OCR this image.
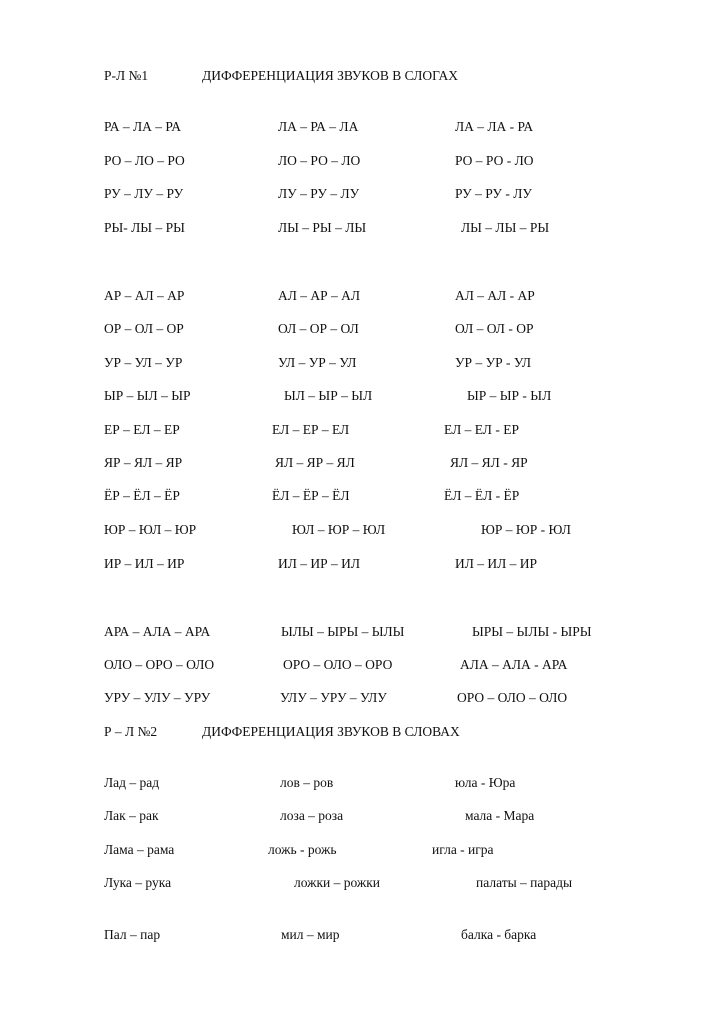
Р-Л №1	ДИФФЕРЕНЦИАЦИЯ ЗВУКОВ В СЛОГАХ
РА – ЛА – РА	ЛА – РА – ЛА	ЛА – ЛА - РА
РО – ЛО – РО	ЛО – РО – ЛО	РО – РО - ЛО
РУ – ЛУ – РУ	ЛУ – РУ – ЛУ	РУ – РУ - ЛУ
РЫ- ЛЫ – РЫ	ЛЫ – РЫ – ЛЫ	ЛЫ – ЛЫ – РЫ
АР – АЛ – АР	АЛ – АР – АЛ	АЛ – АЛ - АР
ОР – ОЛ – ОР	ОЛ – ОР – ОЛ	ОЛ – ОЛ - ОР
УР – УЛ – УР	УЛ – УР – УЛ	УР – УР - УЛ
ЫР – ЫЛ – ЫР	ЫЛ – ЫР – ЫЛ	ЫР – ЫР - ЫЛ
ЕР – ЕЛ – ЕР	ЕЛ – ЕР – ЕЛ	ЕЛ – ЕЛ - ЕР
ЯР – ЯЛ – ЯР	ЯЛ – ЯР – ЯЛ	ЯЛ – ЯЛ - ЯР
ЁР – ЁЛ – ЁР	ЁЛ – ЁР – ЁЛ	ЁЛ – ЁЛ - ЁР
ЮР – ЮЛ – ЮР	ЮЛ – ЮР – ЮЛ	ЮР – ЮР - ЮЛ
ИР – ИЛ – ИР	ИЛ – ИР – ИЛ	ИЛ – ИЛ – ИР
АРА – АЛА – АРА	ЫЛЫ – ЫРЫ – ЫЛЫ	ЫРЫ – ЫЛЫ - ЫРЫ
ОЛО – ОРО – ОЛО	ОРО – ОЛО – ОРО	АЛА – АЛА - АРА
УРУ – УЛУ – УРУ	УЛУ – УРУ – УЛУ	ОРО – ОЛО – ОЛО
Р – Л №2	ДИФФЕРЕНЦИАЦИЯ ЗВУКОВ В СЛОВАХ
Лад – рад	лов – ров	юла - Юра
Лак – рак	лоза – роза	мала - Мара
Лама – рама	ложь - рожь	игла - игра
Лука – рука	ложки – рожки	палаты – парады
Пал – пар	мил – мир	балка - барка
